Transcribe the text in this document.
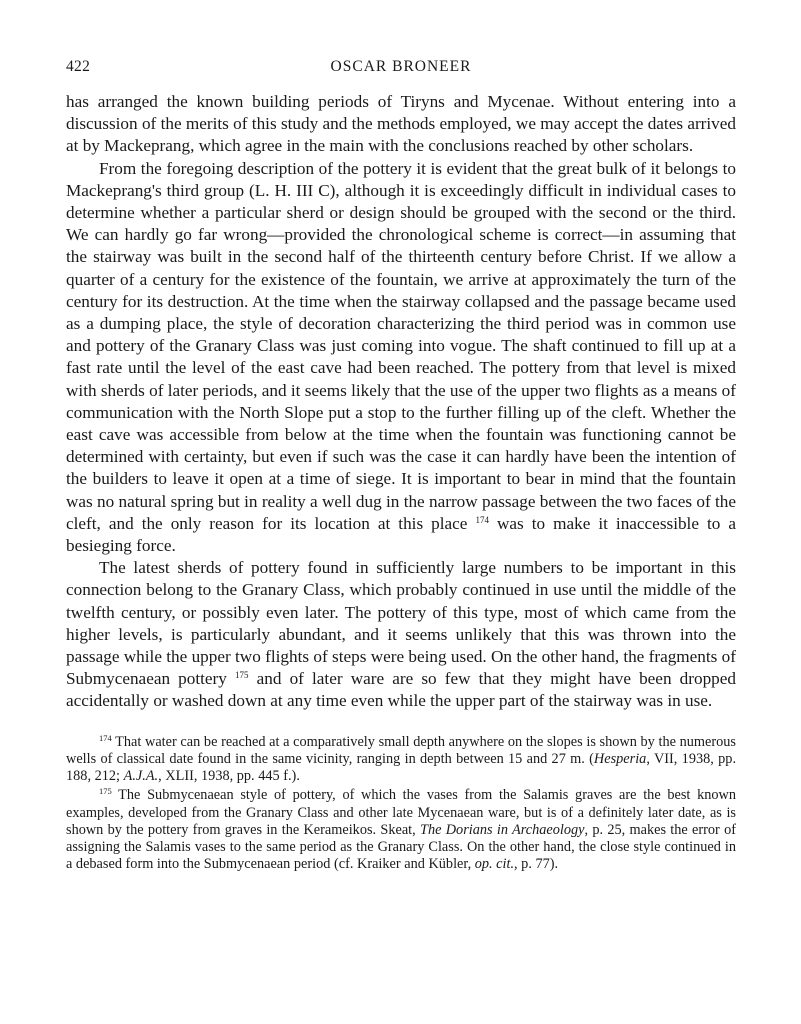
422	OSCAR BRONEER

has arranged the known building periods of Tiryns and Mycenae. Without entering into a discussion of the merits of this study and the methods employed, we may accept the dates arrived at by Mackeprang, which agree in the main with the conclusions reached by other scholars.

From the foregoing description of the pottery it is evident that the great bulk of it belongs to Mackeprang's third group (L. H. III C), although it is exceedingly difficult in individual cases to determine whether a particular sherd or design should be grouped with the second or the third. We can hardly go far wrong—provided the chronological scheme is correct—in assuming that the stairway was built in the second half of the thirteenth century before Christ. If we allow a quarter of a century for the existence of the fountain, we arrive at approximately the turn of the century for its destruction. At the time when the stairway collapsed and the passage became used as a dumping place, the style of decoration characterizing the third period was in common use and pottery of the Granary Class was just coming into vogue. The shaft continued to fill up at a fast rate until the level of the east cave had been reached. The pottery from that level is mixed with sherds of later periods, and it seems likely that the use of the upper two flights as a means of communication with the North Slope put a stop to the further filling up of the cleft. Whether the east cave was accessible from below at the time when the fountain was functioning cannot be determined with certainty, but even if such was the case it can hardly have been the intention of the builders to leave it open at a time of siege. It is important to bear in mind that the fountain was no natural spring but in reality a well dug in the narrow passage between the two faces of the cleft, and the only reason for its location at this place $^{174}$ was to make it inaccessible to a besieging force.

The latest sherds of pottery found in sufficiently large numbers to be important in this connection belong to the Granary Class, which probably continued in use until the middle of the twelfth century, or possibly even later. The pottery of this type, most of which came from the higher levels, is particularly abundant, and it seems unlikely that this was thrown into the passage while the upper two flights of steps were being used. On the other hand, the fragments of Submycenaean pottery $^{175}$ and of later ware are so few that they might have been dropped accidentally or washed down at any time even while the upper part of the stairway was in use.

$^{174}$ That water can be reached at a comparatively small depth anywhere on the slopes is shown by the numerous wells of classical date found in the same vicinity, ranging in depth between 15 and 27 m. (Hesperia, VII, 1938, pp. 188, 212; A.J.A., XLII, 1938, pp. 445 f.).

$^{175}$ The Submycenaean style of pottery, of which the vases from the Salamis graves are the best known examples, developed from the Granary Class and other late Mycenaean ware, but is of a definitely later date, as is shown by the pottery from graves in the Kerameikos. Skeat, The Dorians in Archaeology, p. 25, makes the error of assigning the Salamis vases to the same period as the Granary Class. On the other hand, the close style continued in a debased form into the Submycenaean period (cf. Kraiker and Kübler, op. cit., p. 77).
